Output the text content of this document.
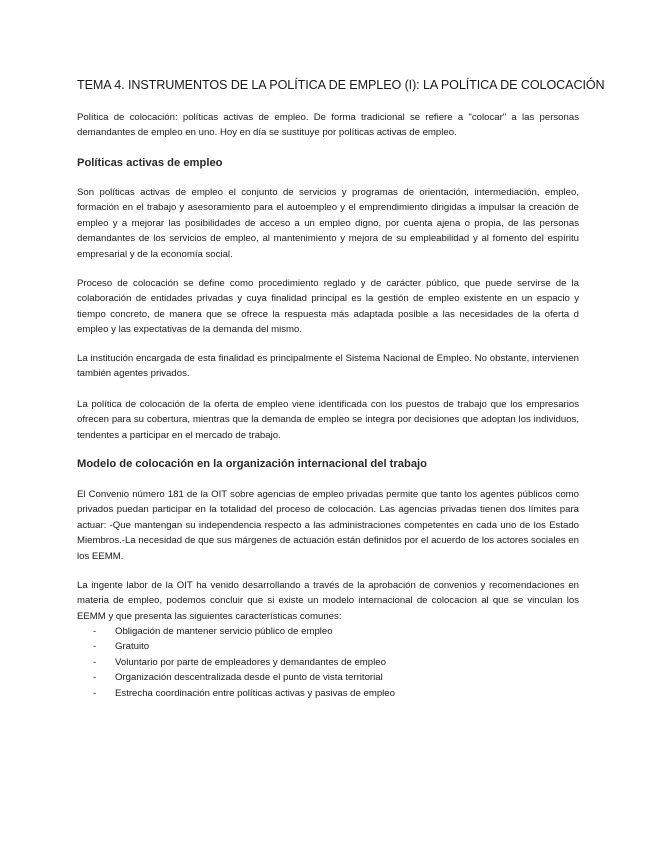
TEMA 4. INSTRUMENTOS DE LA POLÍTICA DE EMPLEO (I): LA POLÍTICA DE COLOCACIÓN

Política de colocación: políticas activas de empleo. De forma tradicional se refiere a "colocar" a las personas demandantes de empleo en uno. Hoy en día se sustituye por políticas activas de empleo.

Políticas activas de empleo

Son políticas activas de empleo el conjunto de servicios y programas de orientación, intermediación, empleo, formación en el trabajo y asesoramiento para el autoempleo y el emprendimiento dirigidas a impulsar la creación de empleo y a mejorar las posibilidades de acceso a un empleo digno, por cuenta ajena o propia, de las personas demandantes de los servicios de empleo, al mantenimiento y mejora de su empleabilidad y al fomento del espíritu empresarial y de la economía social.

Proceso de colocación se define como procedimiento reglado y de carácter público, que puede servirse de la colaboración de entidades privadas y cuya finalidad principal es la gestión de empleo existente en un espacio y tiempo concreto, de manera que se ofrece la respuesta más adaptada posible a las necesidades de la oferta d empleo y las expectativas de la demanda del mismo.

La institución encargada de esta finalidad es principalmente el Sistema Nacional de Empleo. No obstante, intervienen también agentes privados.

La política de colocación de la oferta de empleo viene identificada con los puestos de trabajo que los empresarios ofrecen para su cobertura, mientras que la demanda de empleo se integra por decisiones que adoptan los individuos, tendentes a participar en el mercado de trabajo.

Modelo de colocación en la organización internacional del trabajo

El Convenio número 181 de la OIT sobre agencias de empleo privadas permite que tanto los agentes públicos como privados puedan participar en la totalidad del proceso de colocación. Las agencias privadas tienen dos límites para actuar: -Que mantengan su independencia respecto a las administraciones competentes en cada uno de los Estado Miembros.-La necesidad de que sus márgenes de actuación están definidos por el acuerdo de los actores sociales en los EEMM.

La ingente labor de la OIT ha venido desarrollando a través de la aprobación de convenios y recomendaciones en materia de empleo, podemos concluir que si existe un modelo internacional de colocacion al que se vinculan los EEMM y que presenta las siguientes características comunes:

- Obligación de mantener servicio público de empleo
- Gratuito
- Voluntario por parte de empleadores y demandantes de empleo
- Organización descentralizada desde el punto de vista territorial
- Estrecha coordinación entre políticas activas y pasivas de empleo
